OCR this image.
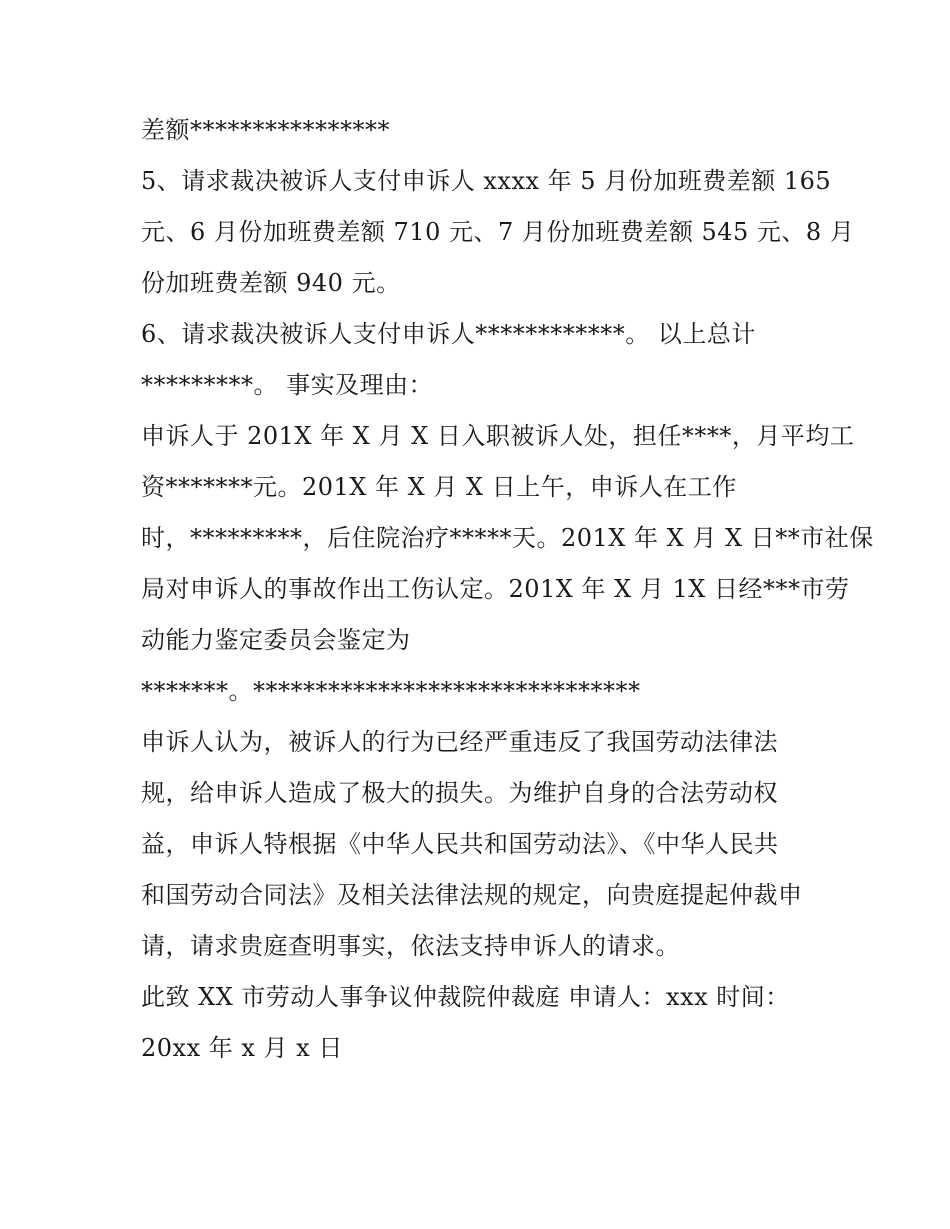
差额****************
5、请求裁决被诉人支付申诉人 xxxx 年 5 月份加班费差额 165
元、6 月份加班费差额 710 元、7 月份加班费差额 545 元、8 月
份加班费差额 940 元。
6、请求裁决被诉人支付申诉人************。 以上总计
*********。 事实及理由：
申诉人于 201X 年 X 月 X 日入职被诉人处，担任****，月平均工
资*******元。201X 年 X 月 X 日上午，申诉人在工作
时，*********，后住院治疗*****天。201X 年 X 月 X 日**市社保
局对申诉人的事故作出工伤认定。201X 年 X 月 1X 日经***市劳
动能力鉴定委员会鉴定为
*******。*******************************
申诉人认为，被诉人的行为已经严重违反了我国劳动法律法
规，给申诉人造成了极大的损失。为维护自身的合法劳动权
益，申诉人特根据《中华人民共和国劳动法》、《中华人民共
和国劳动合同法》及相关法律法规的规定，向贵庭提起仲裁申
请，请求贵庭查明事实，依法支持申诉人的请求。
此致 XX 市劳动人事争议仲裁院仲裁庭 申请人：xxx 时间：
20xx 年 x 月 x 日
